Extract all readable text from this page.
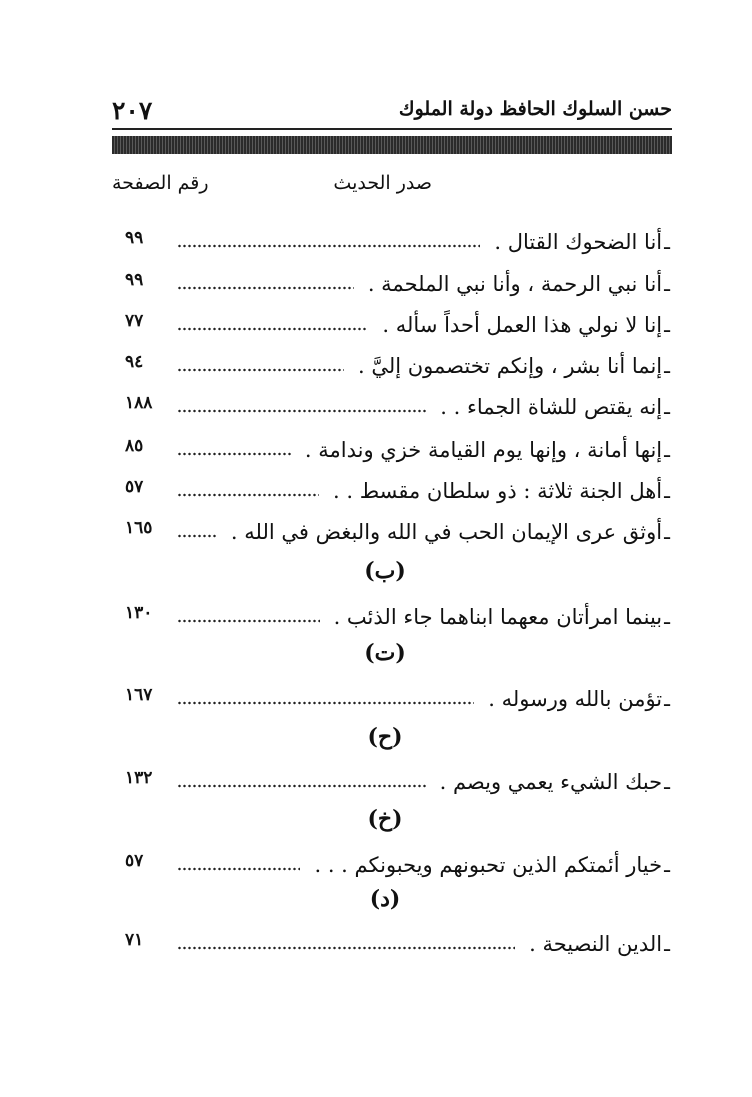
حسن السلوك الحافظ دولة الملوك
٢٠٧
صدر الحديث
رقم الصفحة
ـ
أنا الضحوك القتال .
٩٩
ـ
أنا نبي الرحمة ، وأنا نبي الملحمة .
٩٩
ـ
إنا لا نولي هذا العمل أحداً سأله .
٧٧
ـ
إنما أنا بشر ، وإنكم تختصمون إليَّ .
٩٤
ـ
إنه يقتص للشاة الجماء . .
١٨٨
ـ
إنها أمانة ، وإنها يوم القيامة خزي وندامة .
٨٥
ـ
أهل الجنة ثلاثة : ذو سلطان مقسط . .
٥٧
ـ
أوثق عرى الإيمان الحب في الله والبغض في الله .
١٦٥
(ب)
ـ
بينما امرأتان معهما ابناهما جاء الذئب .
١٣٠
(ت)
ـ
تؤمن بالله ورسوله .
١٦٧
(ح)
ـ
حبك الشيء يعمي ويصم .
١٣٢
(خ)
ـ
خيار أئمتكم الذين تحبونهم ويحبونكم . . .
٥٧
(د)
ـ
الدين النصيحة .
٧١
